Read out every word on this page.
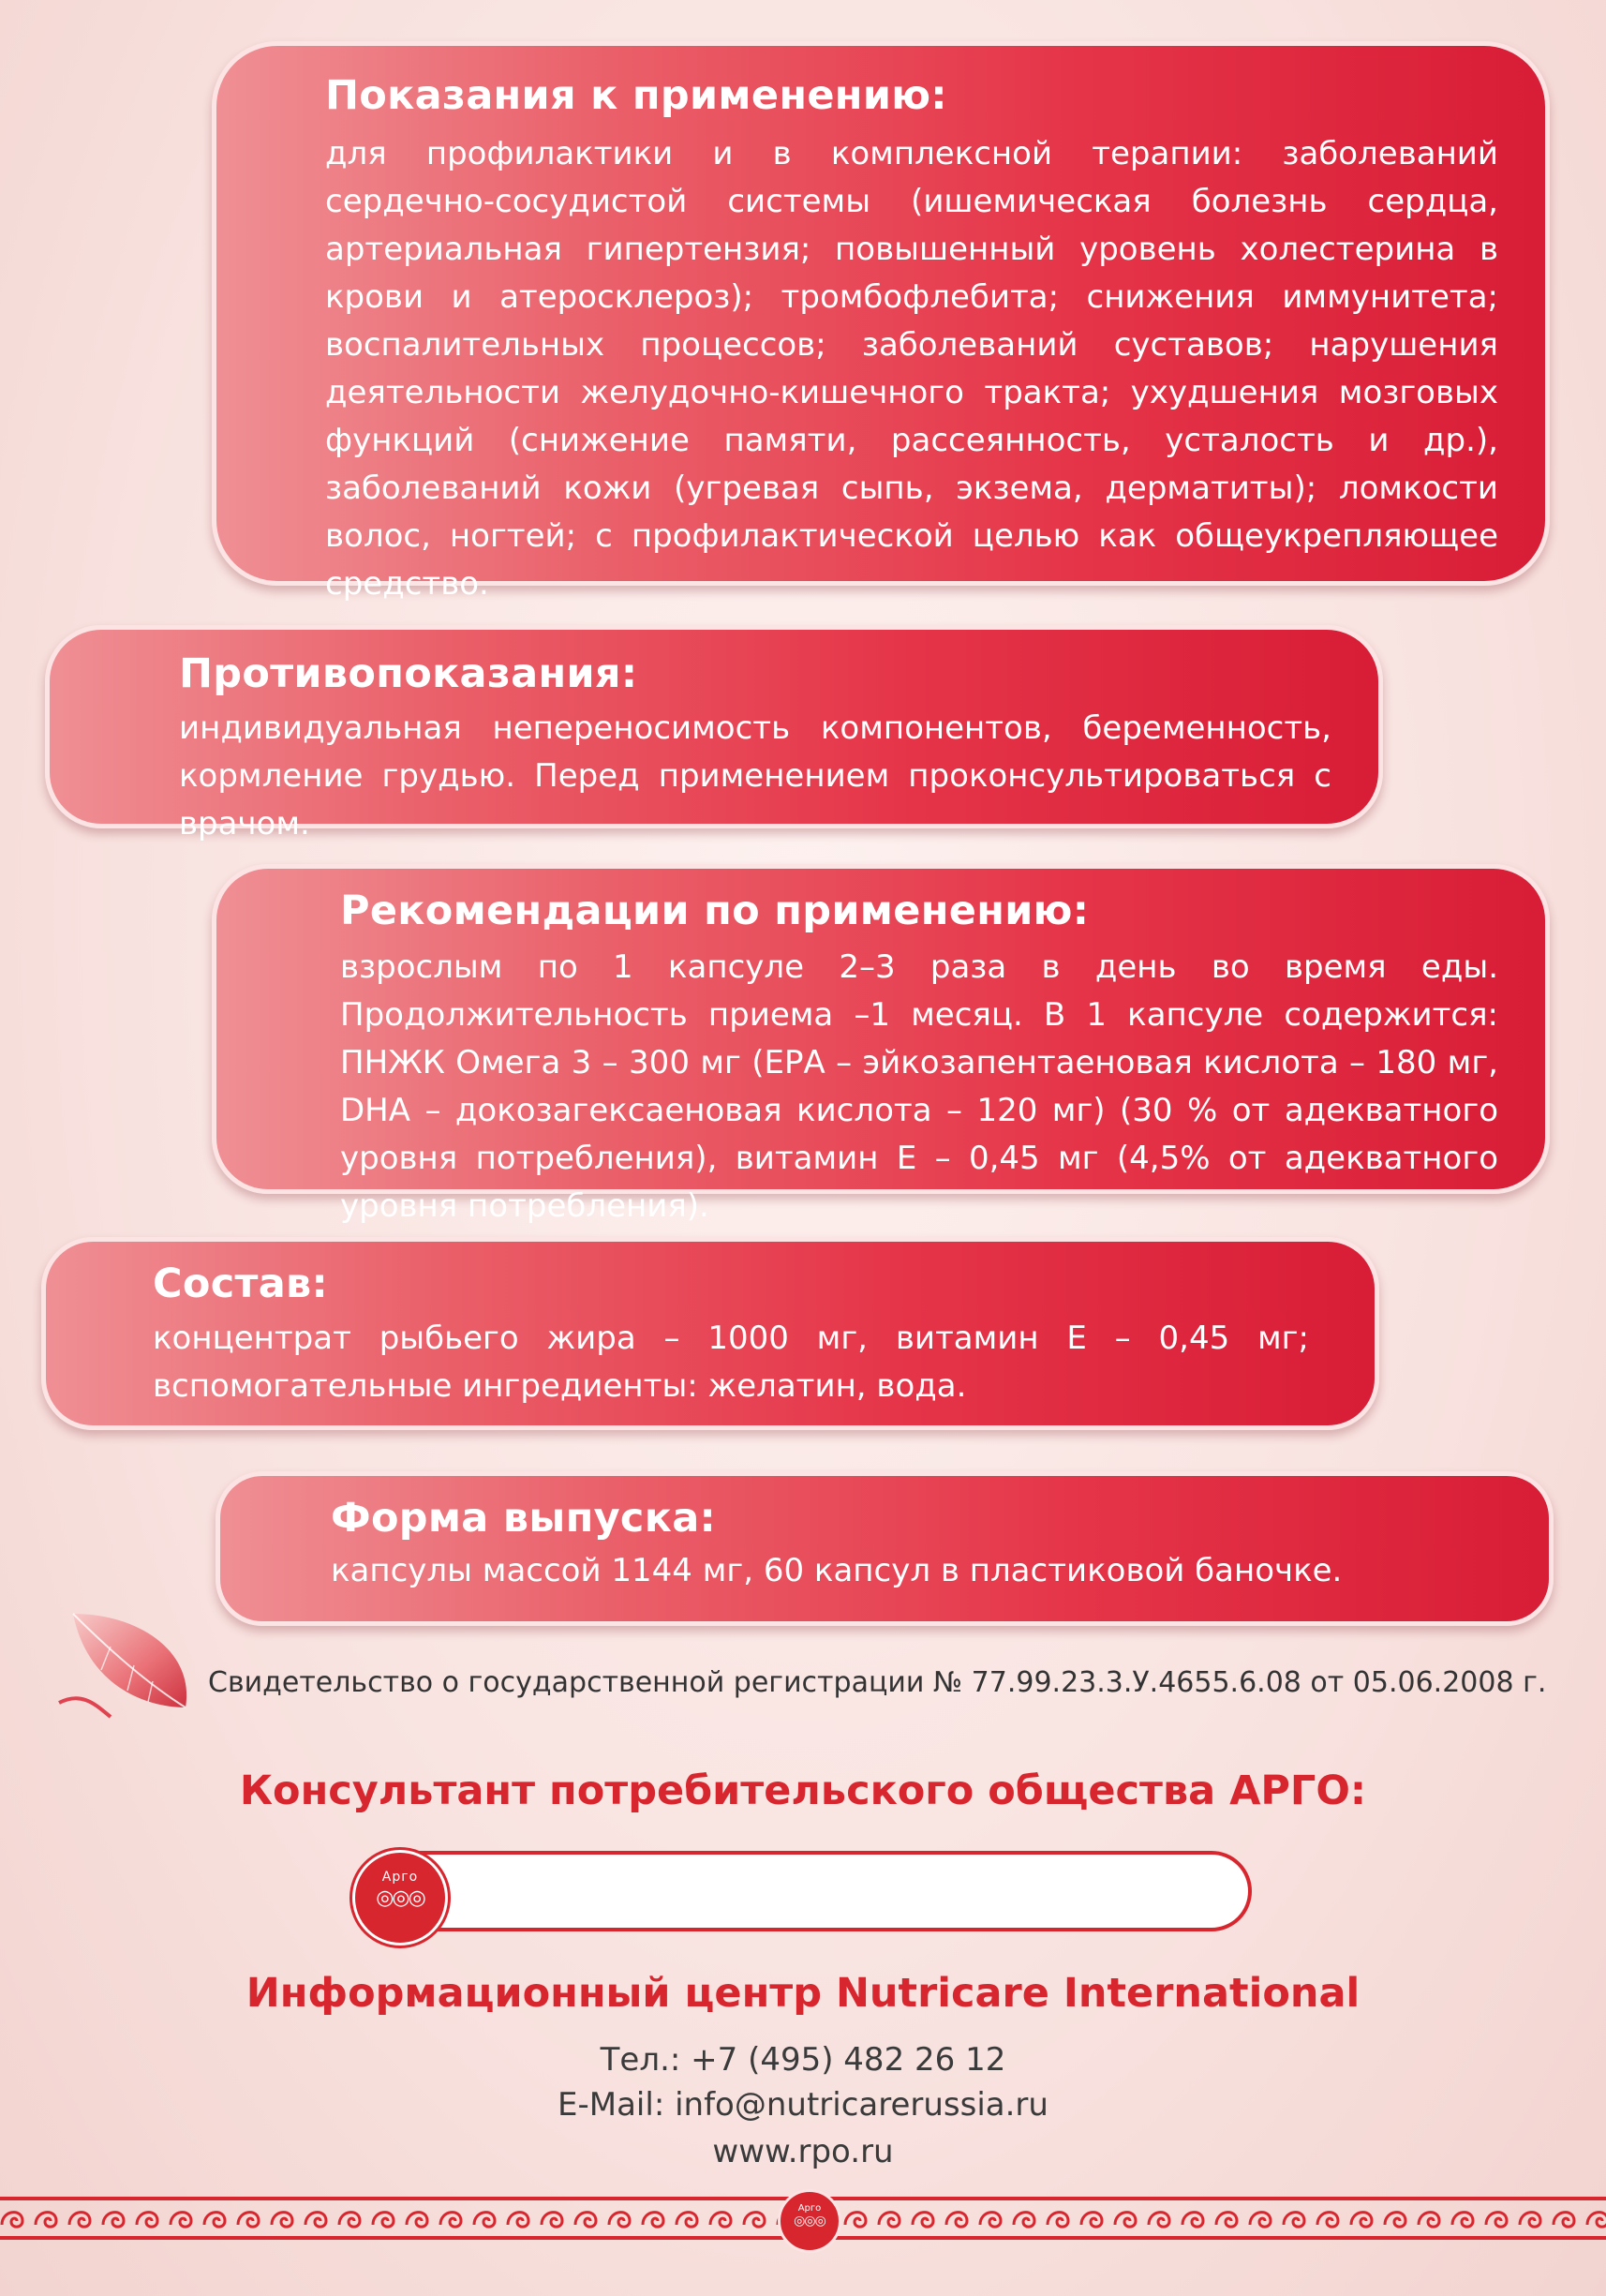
Показания к применению:

для профилактики и в комплексной терапии: заболеваний сердечно-сосудистой системы (ишемическая болезнь сердца, артериальная гипертензия; повышенный уровень холестерина в крови и атеросклероз); тромбофлебита; снижения иммунитета; воспалительных процессов; заболеваний суставов; нарушения деятельности желудочно-кишечного тракта; ухудшения мозговых функций (снижение памяти, рассеянность, усталость и др.), заболеваний кожи (угревая сыпь, экзема, дерматиты); ломкости волос, ногтей; с профилактической целью как общеукрепляющее средство.

Противопоказания:

индивидуальная непереносимость компонентов, беременность, кормление грудью. Перед применением проконсультироваться с врачом.

Рекомендации по применению:

взрослым по 1 капсуле 2–3 раза в день во время еды. Продолжительность приема –1 месяц. В 1 капсуле содержится: ПНЖК Омега 3 – 300 мг (ЕРА – эйкозапентаеновая кислота – 180 мг, DHA – докозагексаеновая кислота – 120 мг) (30 % от адекватного уровня потребления), витамин Е – 0,45 мг (4,5% от адекватного уровня потребления).

Состав:

концентрат рыбьего жира – 1000 мг, витамин Е – 0,45 мг; вспомогательные ингредиенты: желатин, вода.

Форма выпуска:

капсулы массой 1144 мг, 60 капсул в пластиковой баночке.

Свидетельство о государственной регистрации № 77.99.23.3.У.4655.6.08 от 05.06.2008 г.
Консультант потребительского общества АРГО:
Арго
◎◎◎
Информационный центр Nutricare International
Тел.: +7 (495) 482 26 12
E-Mail: info@nutricarerussia.ru
www.rpo.ru
Арго
◎◎◎
